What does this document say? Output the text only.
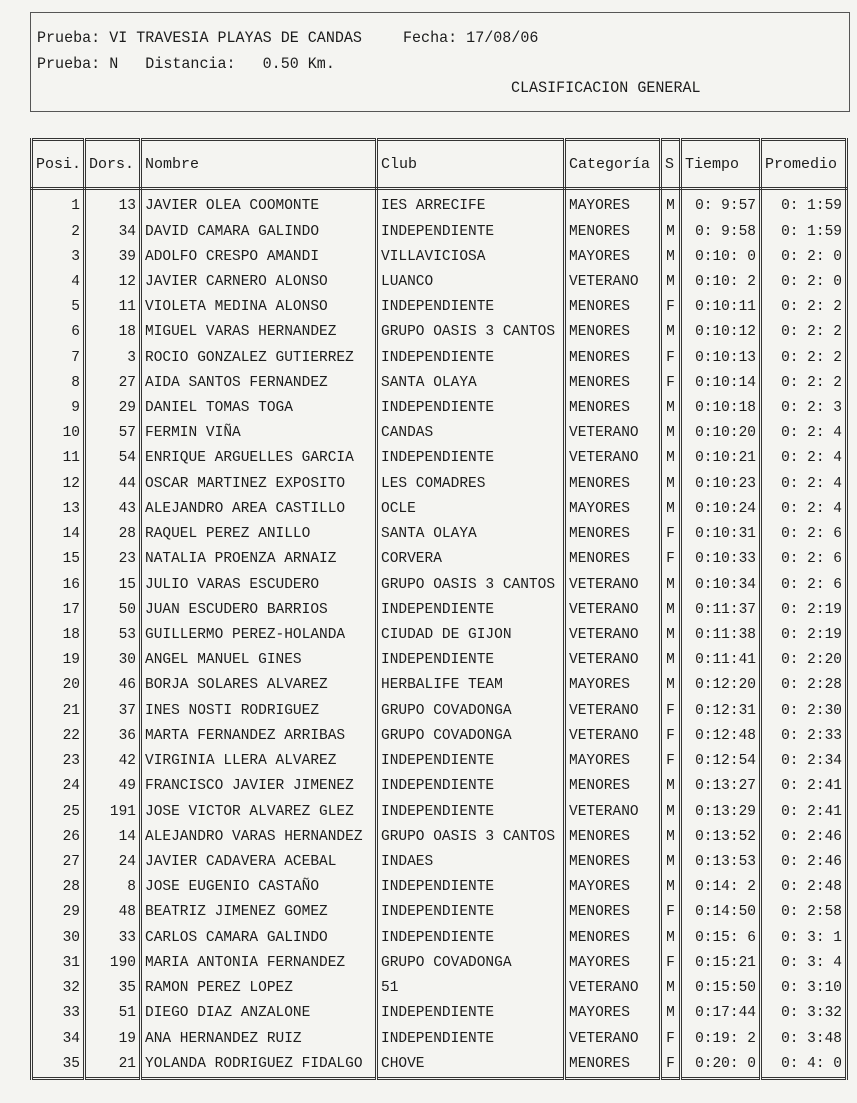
Prueba: VI TRAVESIA PLAYAS DE CANDAS	Fecha: 17/08/06
Prueba: N   Distancia:   0.50 Km.
CLASIFICACION GENERAL
Posi.	Dors.	Nombre	Club	Categoría	S	Tiempo	Promedio
1	13	JAVIER OLEA COOMONTE	IES ARRECIFE	MAYORES	M	0: 9:57	0: 1:59
2	34	DAVID CAMARA GALINDO	INDEPENDIENTE	MENORES	M	0: 9:58	0: 1:59
3	39	ADOLFO CRESPO AMANDI	VILLAVICIOSA	MAYORES	M	0:10: 0	0: 2: 0
4	12	JAVIER CARNERO ALONSO	LUANCO	VETERANO	M	0:10: 2	0: 2: 0
5	11	VIOLETA MEDINA ALONSO	INDEPENDIENTE	MENORES	F	0:10:11	0: 2: 2
6	18	MIGUEL VARAS HERNANDEZ	GRUPO OASIS 3 CANTOS	MENORES	M	0:10:12	0: 2: 2
7	3	ROCIO GONZALEZ GUTIERREZ	INDEPENDIENTE	MENORES	F	0:10:13	0: 2: 2
8	27	AIDA SANTOS FERNANDEZ	SANTA OLAYA	MENORES	F	0:10:14	0: 2: 2
9	29	DANIEL TOMAS TOGA	INDEPENDIENTE	MENORES	M	0:10:18	0: 2: 3
10	57	FERMIN VIÑA	CANDAS	VETERANO	M	0:10:20	0: 2: 4
11	54	ENRIQUE ARGUELLES GARCIA	INDEPENDIENTE	VETERANO	M	0:10:21	0: 2: 4
12	44	OSCAR MARTINEZ EXPOSITO	LES COMADRES	MENORES	M	0:10:23	0: 2: 4
13	43	ALEJANDRO AREA CASTILLO	OCLE	MAYORES	M	0:10:24	0: 2: 4
14	28	RAQUEL PEREZ ANILLO	SANTA OLAYA	MENORES	F	0:10:31	0: 2: 6
15	23	NATALIA PROENZA ARNAIZ	CORVERA	MENORES	F	0:10:33	0: 2: 6
16	15	JULIO VARAS ESCUDERO	GRUPO OASIS 3 CANTOS	VETERANO	M	0:10:34	0: 2: 6
17	50	JUAN ESCUDERO BARRIOS	INDEPENDIENTE	VETERANO	M	0:11:37	0: 2:19
18	53	GUILLERMO PEREZ-HOLANDA	CIUDAD DE GIJON	VETERANO	M	0:11:38	0: 2:19
19	30	ANGEL MANUEL GINES	INDEPENDIENTE	VETERANO	M	0:11:41	0: 2:20
20	46	BORJA SOLARES ALVAREZ	HERBALIFE TEAM	MAYORES	M	0:12:20	0: 2:28
21	37	INES NOSTI RODRIGUEZ	GRUPO COVADONGA	VETERANO	F	0:12:31	0: 2:30
22	36	MARTA FERNANDEZ ARRIBAS	GRUPO COVADONGA	VETERANO	F	0:12:48	0: 2:33
23	42	VIRGINIA LLERA ALVAREZ	INDEPENDIENTE	MAYORES	F	0:12:54	0: 2:34
24	49	FRANCISCO JAVIER JIMENEZ	INDEPENDIENTE	MENORES	M	0:13:27	0: 2:41
25	191	JOSE VICTOR ALVAREZ GLEZ	INDEPENDIENTE	VETERANO	M	0:13:29	0: 2:41
26	14	ALEJANDRO VARAS HERNANDEZ	GRUPO OASIS 3 CANTOS	MENORES	M	0:13:52	0: 2:46
27	24	JAVIER CADAVERA ACEBAL	INDAES	MENORES	M	0:13:53	0: 2:46
28	8	JOSE EUGENIO CASTAÑO	INDEPENDIENTE	MAYORES	M	0:14: 2	0: 2:48
29	48	BEATRIZ JIMENEZ GOMEZ	INDEPENDIENTE	MENORES	F	0:14:50	0: 2:58
30	33	CARLOS CAMARA GALINDO	INDEPENDIENTE	MENORES	M	0:15: 6	0: 3: 1
31	190	MARIA ANTONIA FERNANDEZ	GRUPO COVADONGA	MAYORES	F	0:15:21	0: 3: 4
32	35	RAMON PEREZ LOPEZ	51	VETERANO	M	0:15:50	0: 3:10
33	51	DIEGO DIAZ ANZALONE	INDEPENDIENTE	MAYORES	M	0:17:44	0: 3:32
34	19	ANA HERNANDEZ RUIZ	INDEPENDIENTE	VETERANO	F	0:19: 2	0: 3:48
35	21	YOLANDA RODRIGUEZ FIDALGO	CHOVE	MENORES	F	0:20: 0	0: 4: 0
